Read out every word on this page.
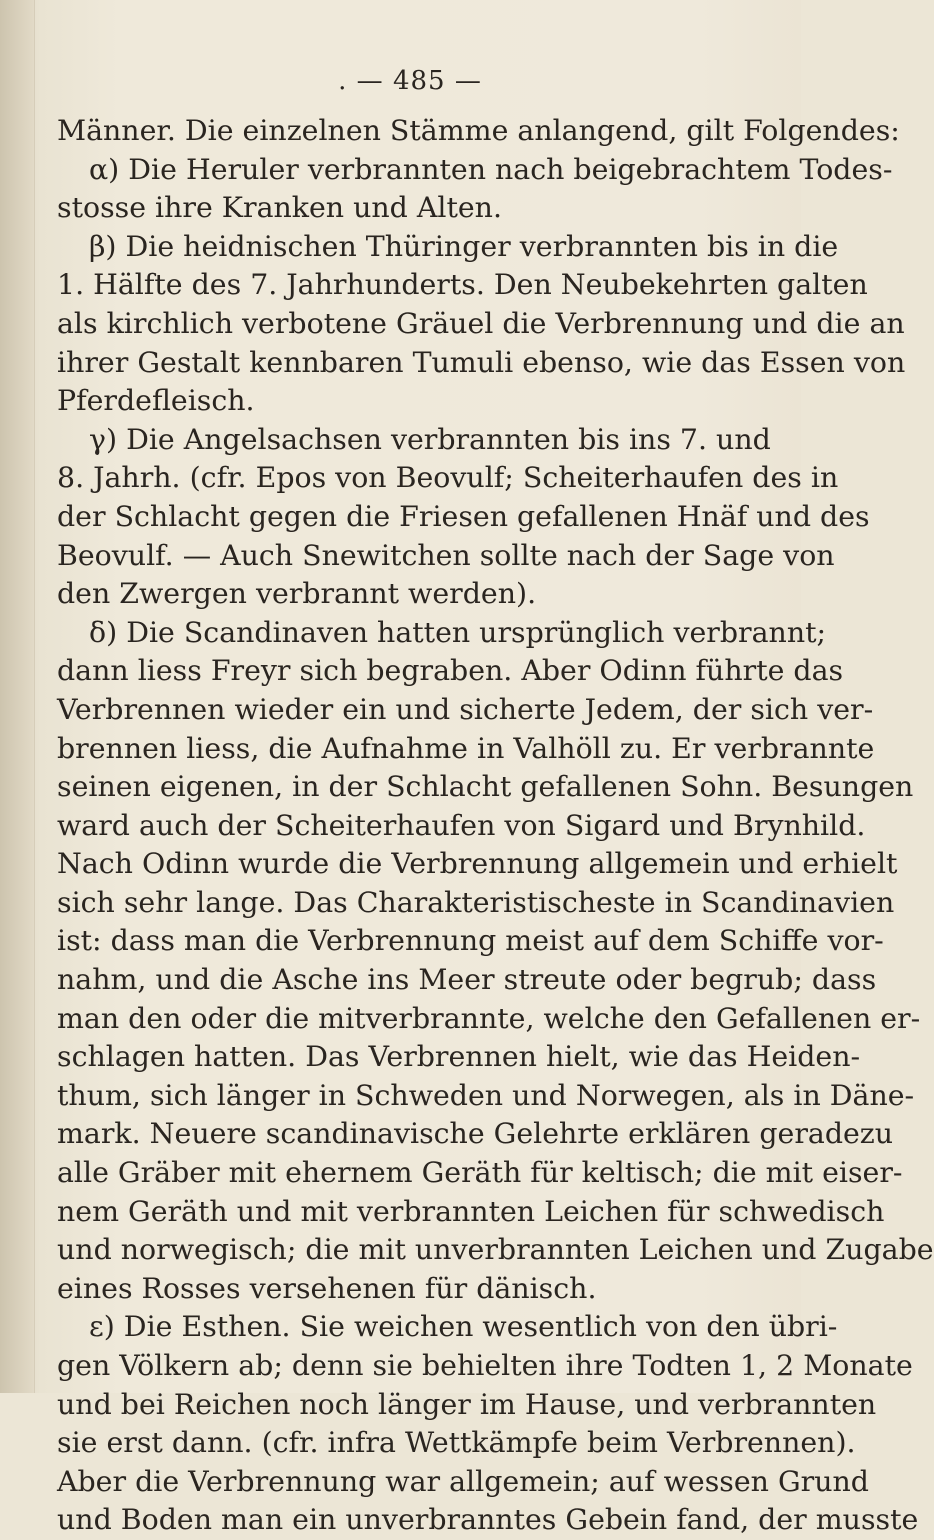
. — 485 —
Männer. Die einzelnen Stämme anlangend, gilt Folgendes:
α) Die Heruler verbrannten nach beigebrachtem Todes-
stosse ihre Kranken und Alten.
β) Die heidnischen Thüringer verbrannten bis in die
1. Hälfte des 7. Jahrhunderts. Den Neubekehrten galten
als kirchlich verbotene Gräuel die Verbrennung und die an
ihrer Gestalt kennbaren Tumuli ebenso, wie das Essen von
Pferdefleisch.
γ) Die Angelsachsen verbrannten bis ins 7. und
8. Jahrh. (cfr. Epos von Beovulf; Scheiterhaufen des in
der Schlacht gegen die Friesen gefallenen Hnäf und des
Beovulf. — Auch Snewitchen sollte nach der Sage von
den Zwergen verbrannt werden).
δ) Die Scandinaven hatten ursprünglich verbrannt;
dann liess Freyr sich begraben. Aber Odinn führte das
Verbrennen wieder ein und sicherte Jedem, der sich ver-
brennen liess, die Aufnahme in Valhöll zu. Er verbrannte
seinen eigenen, in der Schlacht gefallenen Sohn. Besungen
ward auch der Scheiterhaufen von Sigard und Brynhild.
Nach Odinn wurde die Verbrennung allgemein und erhielt
sich sehr lange. Das Charakteristischeste in Scandinavien
ist: dass man die Verbrennung meist auf dem Schiffe vor-
nahm, und die Asche ins Meer streute oder begrub; dass
man den oder die mitverbrannte, welche den Gefallenen er-
schlagen hatten. Das Verbrennen hielt, wie das Heiden-
thum, sich länger in Schweden und Norwegen, als in Däne-
mark. Neuere scandinavische Gelehrte erklären geradezu
alle Gräber mit ehernem Geräth für keltisch; die mit eiser-
nem Geräth und mit verbrannten Leichen für schwedisch
und norwegisch; die mit unverbrannten Leichen und Zugabe
eines Rosses versehenen für dänisch.
ε) Die Esthen. Sie weichen wesentlich von den übri-
gen Völkern ab; denn sie behielten ihre Todten 1, 2 Monate
und bei Reichen noch länger im Hause, und verbrannten
sie erst dann. (cfr. infra Wettkämpfe beim Verbrennen).
Aber die Verbrennung war allgemein; auf wessen Grund
und Boden man ein unverbranntes Gebein fand, der musste
